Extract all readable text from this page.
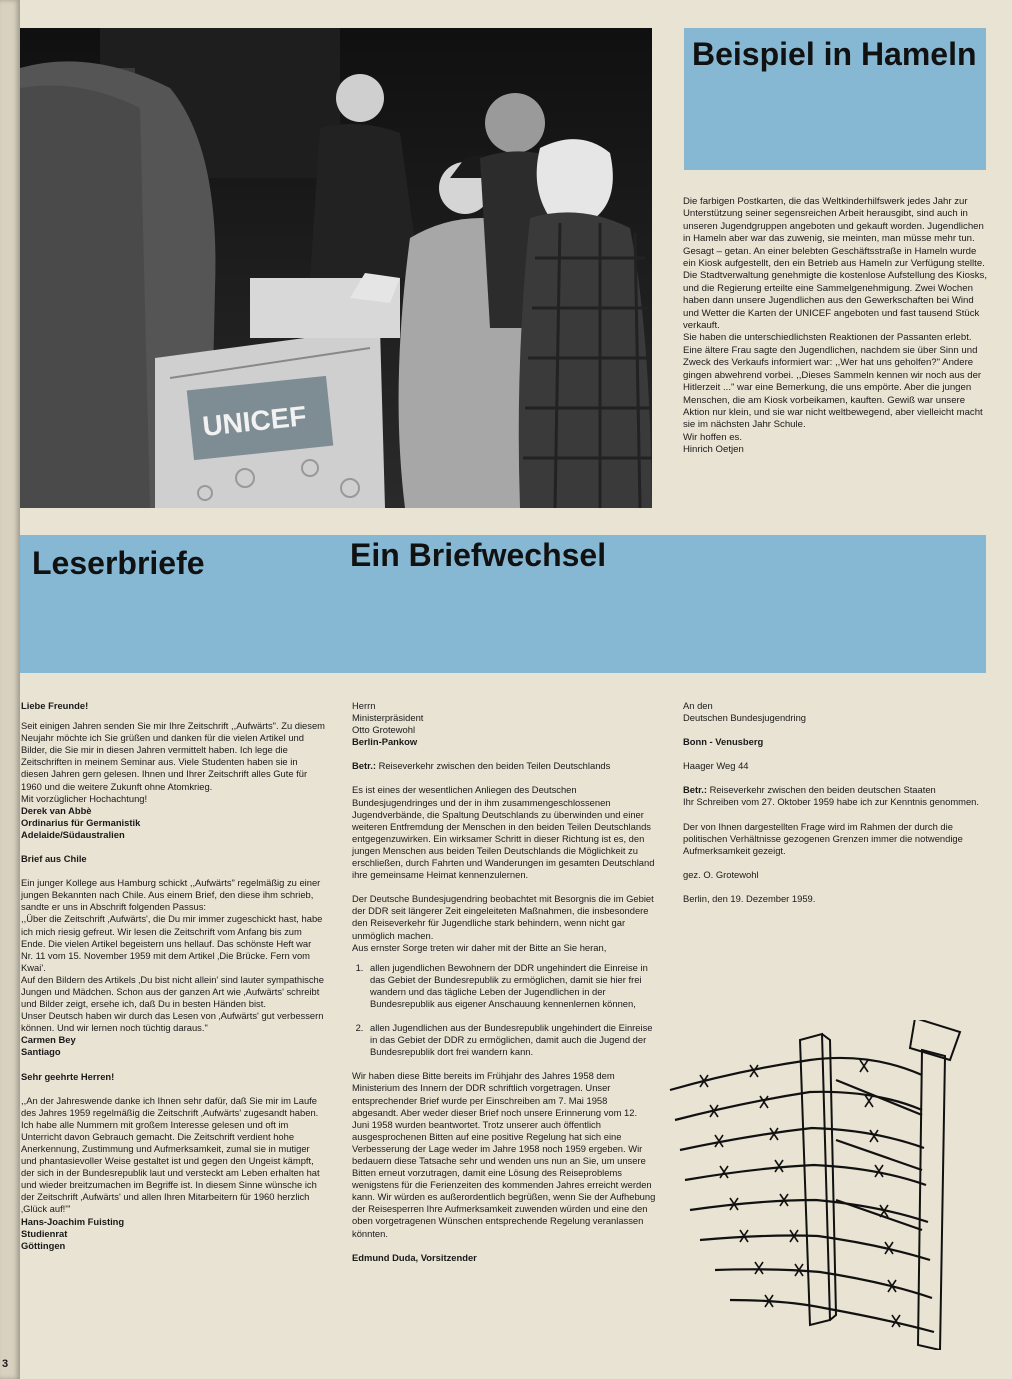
UNICEF
Beispiel in Hameln

Die farbigen Postkarten, die das Weltkinderhilfswerk jedes Jahr zur Unterstützung seiner segensreichen Arbeit herausgibt, sind auch in unseren Jugendgruppen angeboten und gekauft worden. Jugendlichen in Hameln aber war das zuwenig, sie meinten, man müsse mehr tun.

Gesagt – getan. An einer belebten Geschäftsstraße in Hameln wurde ein Kiosk aufgestellt, den ein Betrieb aus Hameln zur Verfügung stellte. Die Stadtverwaltung genehmigte die kostenlose Aufstellung des Kiosks, und die Regierung erteilte eine Sammelgenehmigung. Zwei Wochen haben dann unsere Jugendlichen aus den Gewerkschaften bei Wind und Wetter die Karten der UNICEF angeboten und fast tausend Stück verkauft.

Sie haben die unterschiedlichsten Reaktionen der Passanten erlebt. Eine ältere Frau sagte den Jugendlichen, nachdem sie über Sinn und Zweck des Verkaufs informiert war: ,,Wer hat uns geholfen?" Andere gingen abwehrend vorbei. ,,Dieses Sammeln kennen wir noch aus der Hitlerzeit ..." war eine Bemerkung, die uns empörte. Aber die jungen Menschen, die am Kiosk vorbeikamen, kauften. Gewiß war unsere Aktion nur klein, und sie war nicht weltbewegend, aber vielleicht macht sie im nächsten Jahr Schule.

Wir hoffen es.

Hinrich Oetjen

Leserbriefe	Ein Briefwechsel

Liebe Freunde!

Seit einigen Jahren senden Sie mir Ihre Zeitschrift ,,Aufwärts". Zu diesem Neujahr möchte ich Sie grüßen und danken für die vielen Artikel und Bilder, die Sie mir in diesen Jahren vermittelt haben. Ich lege die Zeitschriften in meinem Seminar aus. Viele Studenten haben sie in diesen Jahren gern gelesen. Ihnen und Ihrer Zeitschrift alles Gute für 1960 und die weitere Zukunft ohne Atomkrieg.

Mit vorzüglicher Hochachtung!

Derek van Abbè

Ordinarius für Germanistik

Adelaide/Südaustralien

Brief aus Chile

Ein junger Kollege aus Hamburg schickt ,,Aufwärts" regelmäßig zu einer jungen Bekannten nach Chile. Aus einem Brief, den diese ihm schrieb, sandte er uns in Abschrift folgenden Passus:

,,Über die Zeitschrift ‚Aufwärts', die Du mir immer zugeschickt hast, habe ich mich riesig gefreut. Wir lesen die Zeitschrift vom Anfang bis zum Ende. Die vielen Artikel begeistern uns hellauf. Das schönste Heft war Nr. 11 vom 15. November 1959 mit dem Artikel ‚Die Brücke. Fern vom Kwai'.

Auf den Bildern des Artikels ‚Du bist nicht allein' sind lauter sympathische Jungen und Mädchen. Schon aus der ganzen Art wie ‚Aufwärts' schreibt und Bilder zeigt, ersehe ich, daß Du in besten Händen bist.

Unser Deutsch haben wir durch das Lesen von ‚Aufwärts' gut verbessern können. Und wir lernen noch tüchtig daraus."

Carmen Bey

Santiago

Sehr geehrte Herren!

,,An der Jahreswende danke ich Ihnen sehr dafür, daß Sie mir im Laufe des Jahres 1959 regelmäßig die Zeitschrift ‚Aufwärts' zugesandt haben. Ich habe alle Nummern mit großem Interesse gelesen und oft im Unterricht davon Gebrauch gemacht. Die Zeitschrift verdient hohe Anerkennung, Zustimmung und Aufmerksamkeit, zumal sie in mutiger und phantasievoller Weise gestaltet ist und gegen den Ungeist kämpft, der sich in der Bundesrepublik laut und versteckt am Leben erhalten hat und wieder breitzumachen im Begriffe ist. In diesem Sinne wünsche ich der Zeitschrift ‚Aufwärts' und allen Ihren Mitarbeitern für 1960 herzlich ‚Glück auf!'"

Hans-Joachim Fuisting

Studienrat

Göttingen

Herrn

Ministerpräsident

Otto Grotewohl

Berlin-Pankow

Betr.: Reiseverkehr zwischen den beiden Teilen Deutschlands

Es ist eines der wesentlichen Anliegen des Deutschen Bundesjugendringes und der in ihm zusammengeschlossenen Jugendverbände, die Spaltung Deutschlands zu überwinden und einer weiteren Entfremdung der Menschen in den beiden Teilen Deutschlands entgegenzuwirken. Ein wirksamer Schritt in dieser Richtung ist es, den jungen Menschen aus beiden Teilen Deutschlands die Möglichkeit zu erschließen, durch Fahrten und Wanderungen im gesamten Deutschland ihre gemeinsame Heimat kennenzulernen.

Der Deutsche Bundesjugendring beobachtet mit Besorgnis die im Gebiet der DDR seit längerer Zeit eingeleiteten Maßnahmen, die insbesondere den Reiseverkehr für Jugendliche stark behindern, wenn nicht gar unmöglich machen.

Aus ernster Sorge treten wir daher mit der Bitte an Sie heran,

1. allen jugendlichen Bewohnern der DDR ungehindert die Einreise in das Gebiet der Bundesrepublik zu ermöglichen, damit sie hier frei wandern und das tägliche Leben der Jugendlichen in der Bundesrepublik aus eigener Anschauung kennenlernen können,
2. allen Jugendlichen aus der Bundesrepublik ungehindert die Einreise in das Gebiet der DDR zu ermöglichen, damit auch die Jugend der Bundesrepublik dort frei wandern kann.

Wir haben diese Bitte bereits im Frühjahr des Jahres 1958 dem Ministerium des Innern der DDR schriftlich vorgetragen. Unser entsprechender Brief wurde per Einschreiben am 7. Mai 1958 abgesandt. Aber weder dieser Brief noch unsere Erinnerung vom 12. Juni 1958 wurden beantwortet. Trotz unserer auch öffentlich ausgesprochenen Bitten auf eine positive Regelung hat sich eine Verbesserung der Lage weder im Jahre 1958 noch 1959 ergeben. Wir bedauern diese Tatsache sehr und wenden uns nun an Sie, um unsere Bitten erneut vorzutragen, damit eine Lösung des Reiseproblems wenigstens für die Ferienzeiten des kommenden Jahres erreicht werden kann. Wir würden es außerordentlich begrüßen, wenn Sie der Aufhebung der Reisesperren Ihre Aufmerksamkeit zuwenden würden und eine den oben vorgetragenen Wünschen entsprechende Regelung veranlassen könnten.

Edmund Duda, Vorsitzender

An den

Deutschen Bundesjugendring

Bonn - Venusberg

Haager Weg 44

Betr.: Reiseverkehr zwischen den beiden deutschen Staaten

Ihr Schreiben vom 27. Oktober 1959 habe ich zur Kenntnis genommen.

Der von Ihnen dargestellten Frage wird im Rahmen der durch die politischen Verhältnisse gezogenen Grenzen immer die notwendige Aufmerksamkeit gezeigt.

gez. O. Grotewohl

Berlin, den 19. Dezember 1959.

3
